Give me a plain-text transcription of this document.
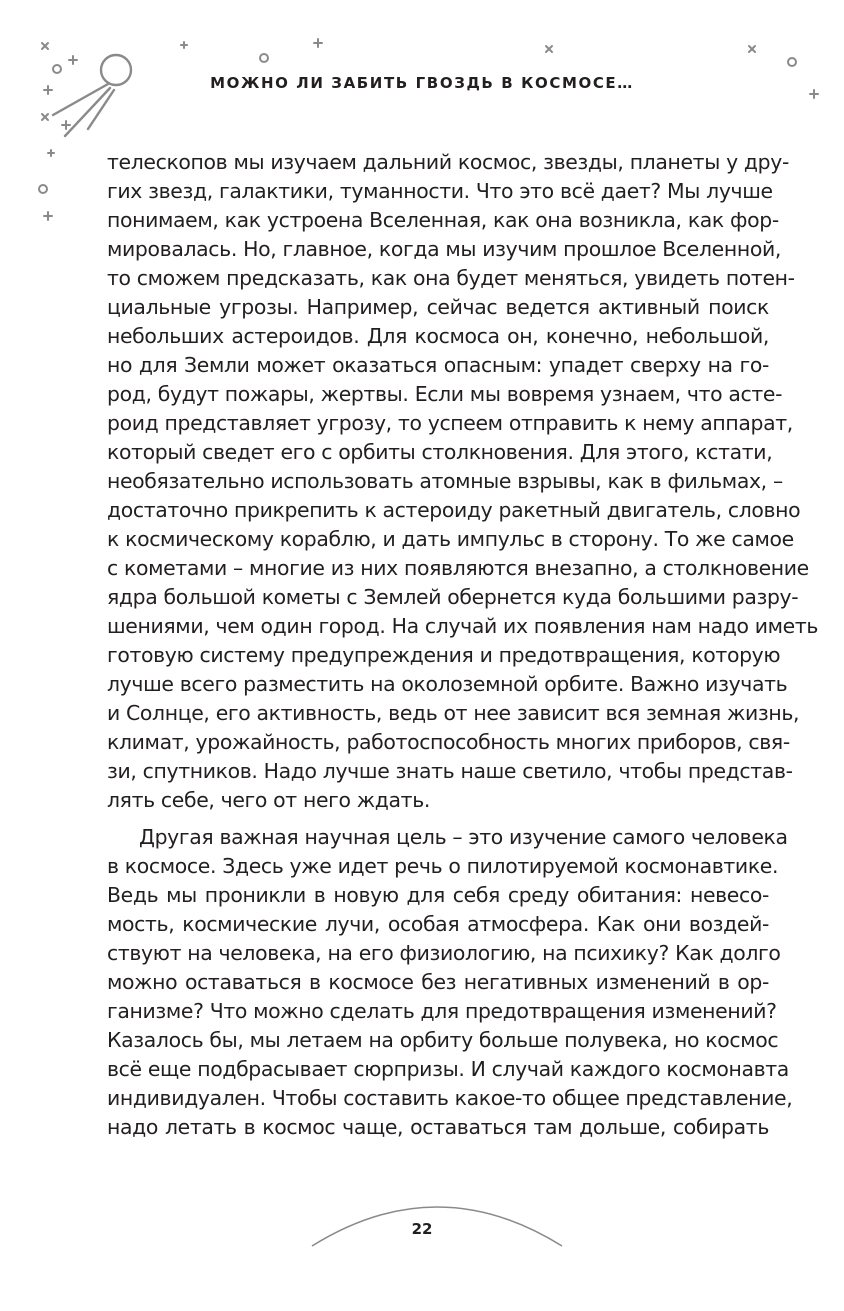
МОЖНО ЛИ ЗАБИТЬ ГВОЗДЬ В КОСМОСЕ…
телескопов мы изучаем дальний космос, звезды, планеты у дру-
гих звезд, галактики, туманности. Что это всё дает? Мы лучше
понимаем, как устроена Вселенная, как она возникла, как фор-
мировалась. Но, главное, когда мы изучим прошлое Вселенной,
то сможем предсказать, как она будет меняться, увидеть потен-
циальные угрозы. Например, сейчас ведется активный поиск
небольших астероидов. Для космоса он, конечно, небольшой,
но для Земли может оказаться опасным: упадет сверху на го-
род, будут пожары, жертвы. Если мы вовремя узнаем, что асте-
роид представляет угрозу, то успеем отправить к нему аппарат,
который сведет его с орбиты столкновения. Для этого, кстати,
необязательно использовать атомные взрывы, как в фильмах, –
достаточно прикрепить к астероиду ракетный двигатель, словно
к космическому кораблю, и дать импульс в сторону. То же самое
с кометами – многие из них появляются внезапно, а столкновение
ядра большой кометы с Землей обернется куда большими разру-
шениями, чем один город. На случай их появления нам надо иметь
готовую систему предупреждения и предотвращения, которую
лучше всего разместить на околоземной орбите. Важно изучать
и Солнце, его активность, ведь от нее зависит вся земная жизнь,
климат, урожайность, работоспособность многих приборов, свя-
зи, спутников. Надо лучше знать наше светило, чтобы представ-
лять себе, чего от него ждать.
Другая важная научная цель – это изучение самого человека
в космосе. Здесь уже идет речь о пилотируемой космонавтике.
Ведь мы проникли в новую для себя среду обитания: невесо-
мость, космические лучи, особая атмосфера. Как они воздей-
ствуют на человека, на его физиологию, на психику? Как долго
можно оставаться в космосе без негативных изменений в ор-
ганизме? Что можно сделать для предотвращения изменений?
Казалось бы, мы летаем на орбиту больше полувека, но космос
всё еще подбрасывает сюрпризы. И случай каждого космонавта
индивидуален. Чтобы составить какое-то общее представление,
надо летать в космос чаще, оставаться там дольше, собирать
22
